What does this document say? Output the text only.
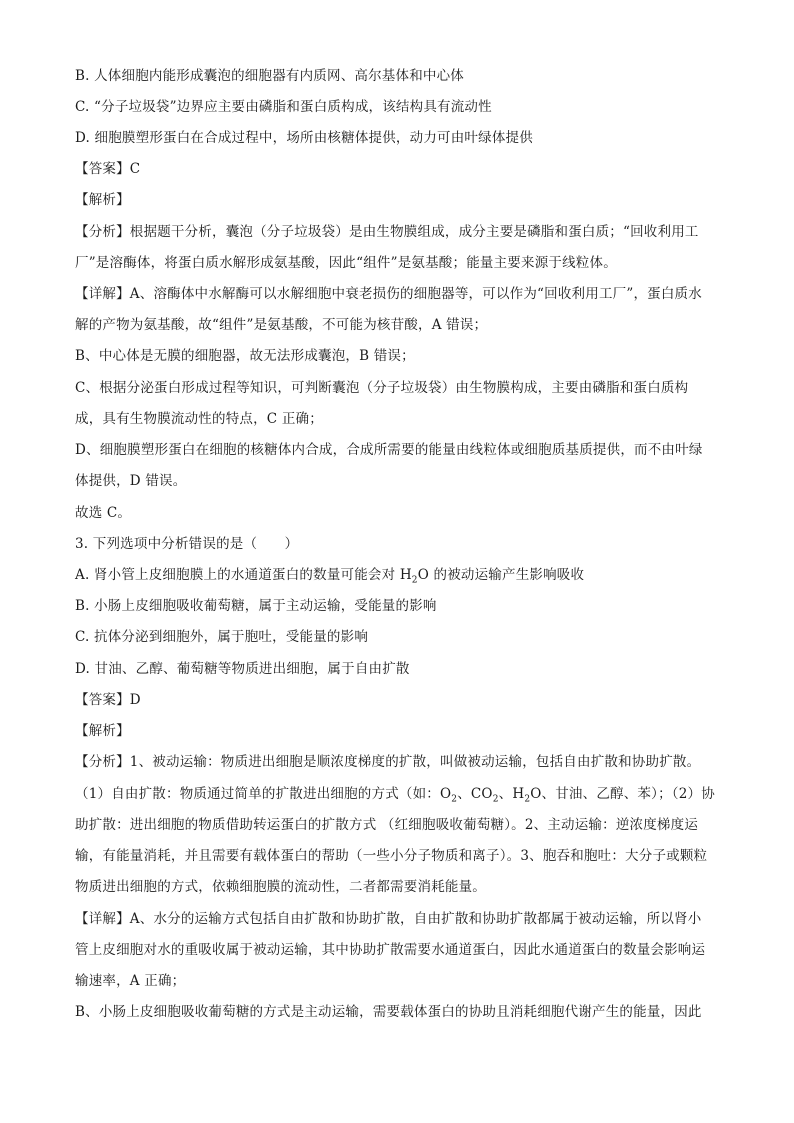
B. 人体细胞内能形成囊泡的细胞器有内质网、高尔基体和中心体
C. “分子垃圾袋”边界应主要由磷脂和蛋白质构成，该结构具有流动性
D. 细胞膜塑形蛋白在合成过程中，场所由核糖体提供，动力可由叶绿体提供
【答案】C
【解析】
【分析】根据题干分析，囊泡（分子垃圾袋）是由生物膜组成，成分主要是磷脂和蛋白质；“回收利用工
厂”是溶酶体，将蛋白质水解形成氨基酸，因此“组件”是氨基酸；能量主要来源于线粒体。
【详解】A、溶酶体中水解酶可以水解细胞中衰老损伤的细胞器等，可以作为“回收利用工厂”，蛋白质水
解的产物为氨基酸，故“组件”是氨基酸，不可能为核苷酸，A 错误；
B、中心体是无膜的细胞器，故无法形成囊泡，B 错误；
C、根据分泌蛋白形成过程等知识，可判断囊泡（分子垃圾袋）由生物膜构成，主要由磷脂和蛋白质构
成，具有生物膜流动性的特点，C 正确；
D、细胞膜塑形蛋白在细胞的核糖体内合成，合成所需要的能量由线粒体或细胞质基质提供，而不由叶绿
体提供，D 错误。
故选 C。
3. 下列选项中分析错误的是（　　）
A. 肾小管上皮细胞膜上的水通道蛋白的数量可能会对 $H_2O$ 的被动运输产生影响吸收
B. 小肠上皮细胞吸收葡萄糖，属于主动运输，受能量的影响
C. 抗体分泌到细胞外，属于胞吐，受能量的影响
D. 甘油、乙醇、葡萄糖等物质进出细胞，属于自由扩散
【答案】D
【解析】
【分析】1、被动运输：物质进出细胞是顺浓度梯度的扩散，叫做被动运输，包括自由扩散和协助扩散。
（1）自由扩散：物质通过简单的扩散进出细胞的方式（如：$O_2$、$CO_2$、$H_2O$、甘油、乙醇、苯）；（2）协
助扩散：进出细胞的物质借助转运蛋白的扩散方式 （红细胞吸收葡萄糖）。2、主动运输：逆浓度梯度运
输，有能量消耗，并且需要有载体蛋白的帮助（一些小分子物质和离子）。3、胞吞和胞吐：大分子或颗粒
物质进出细胞的方式，依赖细胞膜的流动性，二者都需要消耗能量。
【详解】A、水分的运输方式包括自由扩散和协助扩散，自由扩散和协助扩散都属于被动运输，所以肾小
管上皮细胞对水的重吸收属于被动运输，其中协助扩散需要水通道蛋白，因此水通道蛋白的数量会影响运
输速率，A 正确；
B、小肠上皮细胞吸收葡萄糖的方式是主动运输，需要载体蛋白的协助且消耗细胞代谢产生的能量，因此
